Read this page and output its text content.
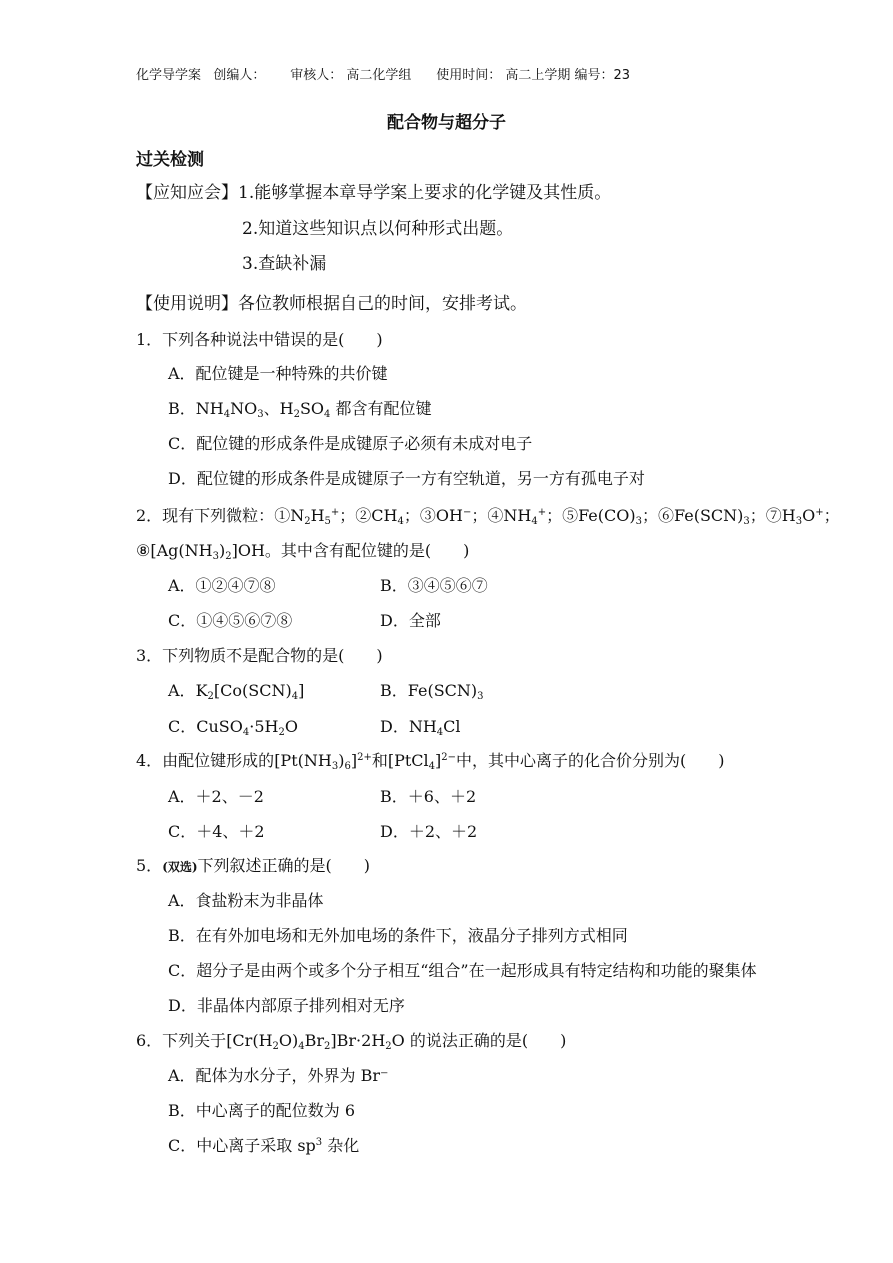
化学导学案 创编人： 审核人： 高二化学组 使用时间： 高二上学期 编号：23
配合物与超分子
过关检测
【应知应会】1.能够掌握本章导学案上要求的化学键及其性质。
2.知道这些知识点以何种形式出题。
3.查缺补漏
【使用说明】各位教师根据自己的时间，安排考试。
1．下列各种说法中错误的是(　　)
A．配位键是一种特殊的共价键
B．$NH_4NO_3$、$H_2SO_4$ 都含有配位键
C．配位键的形成条件是成键原子必须有未成对电子
D．配位键的形成条件是成键原子一方有空轨道，另一方有孤电子对
2．现有下列微粒：$①N_2H_5^+$；$②CH_4$；③OH−；$④NH_4^+$；$⑤Fe(CO)_3$；$⑥Fe(SCN)_3$；$⑦H_3O^+$；
$⑧[Ag(NH_3)_2]OH$。其中含有配位键的是(　　)
A．①②④⑦⑧	B．③④⑤⑥⑦
C．①④⑤⑥⑦⑧	D．全部
3．下列物质不是配合物的是(　　)
A．$K_2[Co(SCN)_4]$	B．$Fe(SCN)_3$
C．$CuSO_4\cdot 5H_2O$	D．$NH_4Cl$
4．由配位键形成的$[Pt(NH_3)_6]^{2+}$和[PtCl$_4$]$^{2-}$中，其中心离子的化合价分别为(　　)
A．＋2、－2	B．＋6、＋2
C．＋4、＋2	D．＋2、＋2
5．(双选)下列叙述正确的是(　　)
A．食盐粉末为非晶体
B．在有外加电场和无外加电场的条件下，液晶分子排列方式相同
C．超分子是由两个或多个分子相互“组合”在一起形成具有特定结构和功能的聚集体
D．非晶体内部原子排列相对无序
6．下列关于$[Cr(H_2O)_4Br_2]Br\cdot 2H_2O$ 的说法正确的是(　　)
A．配体为水分子，外界为 Br⁻
B．中心离子的配位数为 6
C．中心离子采取 $sp^3$ 杂化
